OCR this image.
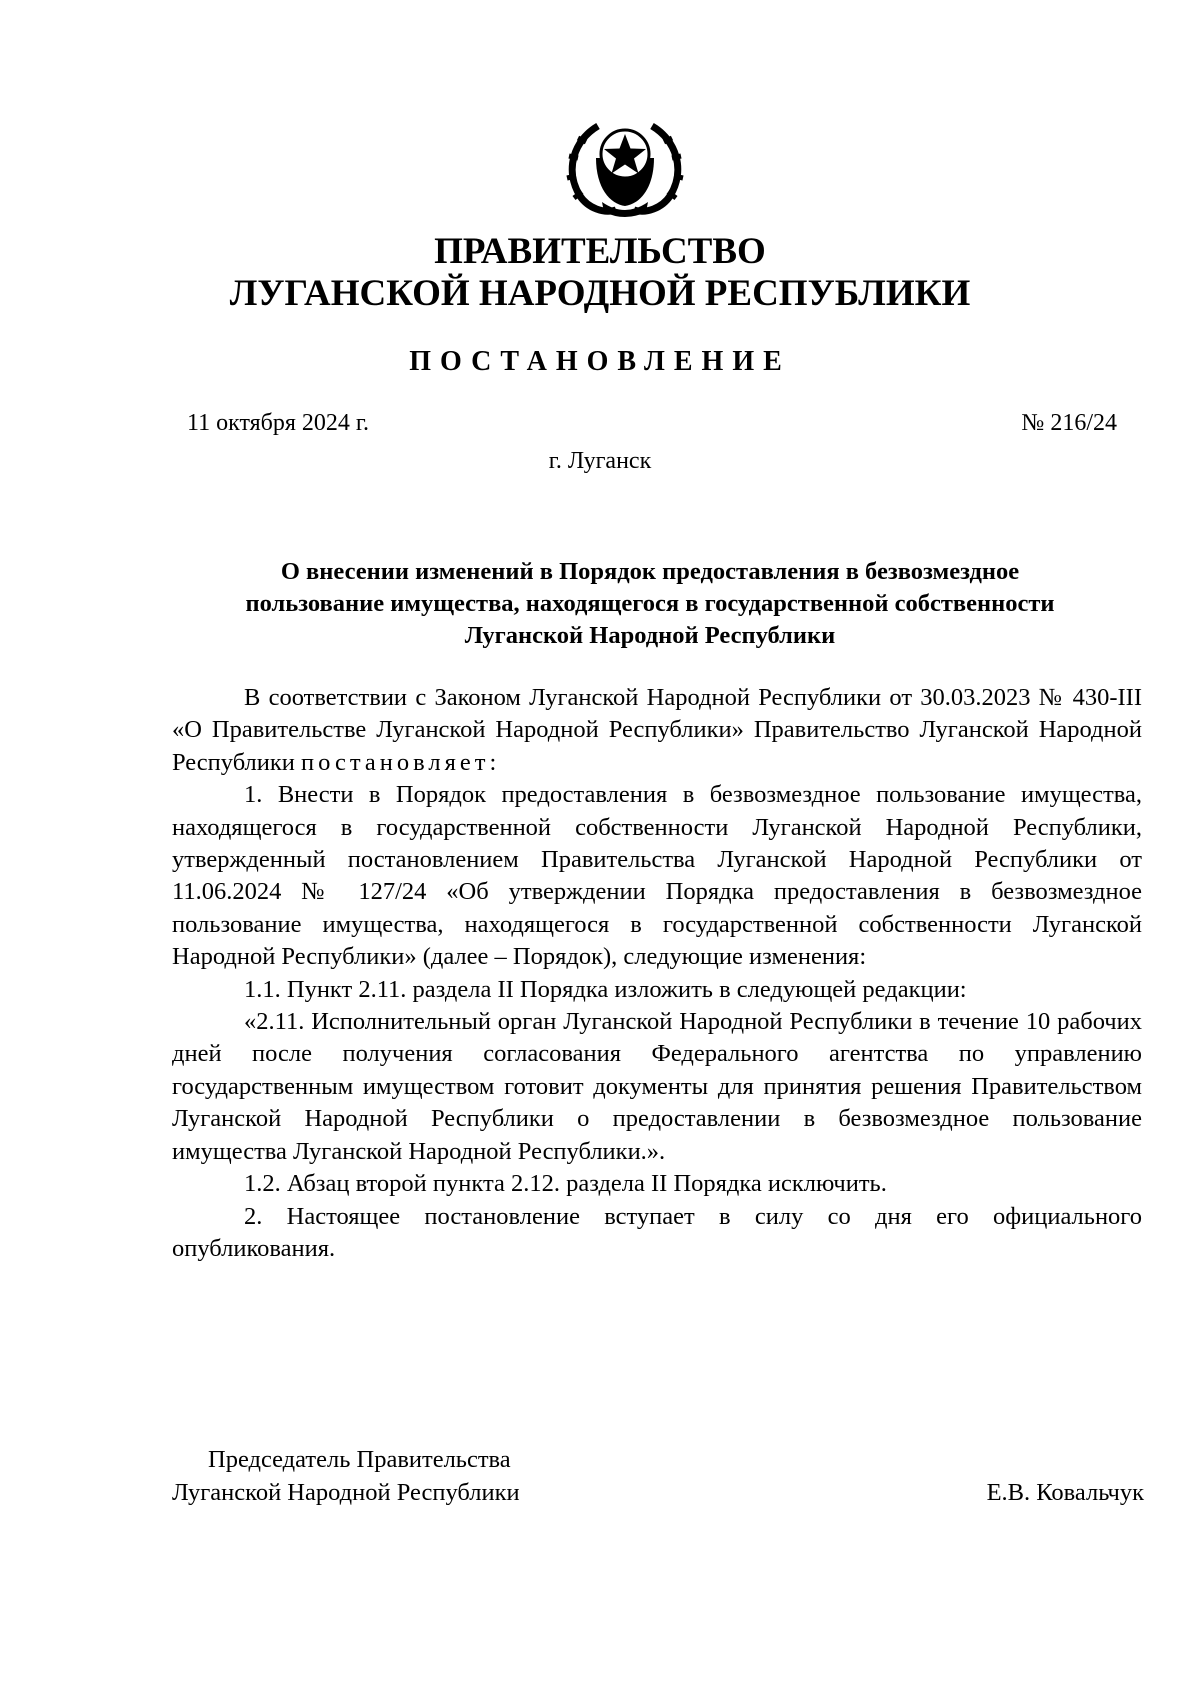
ПРАВИТЕЛЬСТВО
ЛУГАНСКОЙ НАРОДНОЙ РЕСПУБЛИКИ
ПОСТАНОВЛЕНИЕ
11 октября 2024 г.	№ 216/24
г. Луганск
О внесении изменений в Порядок предоставления в безвозмездное
пользование имущества, находящегося в государственной собственности
Луганской Народной Республики

В соответствии с Законом Луганской Народной Республики от 30.03.2023 № 430-III «О Правительстве Луганской Народной Республики» Правительство Луганской Народной Республики постановляет:

1. Внести в Порядок предоставления в безвозмездное пользование имущества, находящегося в государственной собственности Луганской Народной Республики, утвержденный постановлением Правительства Луганской Народной Республики от 11.06.2024 № 127/24 «Об утверждении Порядка предоставления в безвозмездное пользование имущества, находящегося в государственной собственности Луганской Народной Республики» (далее – Порядок), следующие изменения:

1.1. Пункт 2.11. раздела II Порядка изложить в следующей редакции:

«2.11. Исполнительный орган Луганской Народной Республики в течение 10 рабочих дней после получения согласования Федерального агентства по управлению государственным имуществом готовит документы для принятия решения Правительством Луганской Народной Республики о предоставлении в безвозмездное пользование имущества Луганской Народной Республики.».

1.2. Абзац второй пункта 2.12. раздела II Порядка исключить.

2. Настоящее постановление вступает в силу со дня его официального опубликования.

Председатель Правительства
Луганской Народной Республики	Е.В. Ковальчук
